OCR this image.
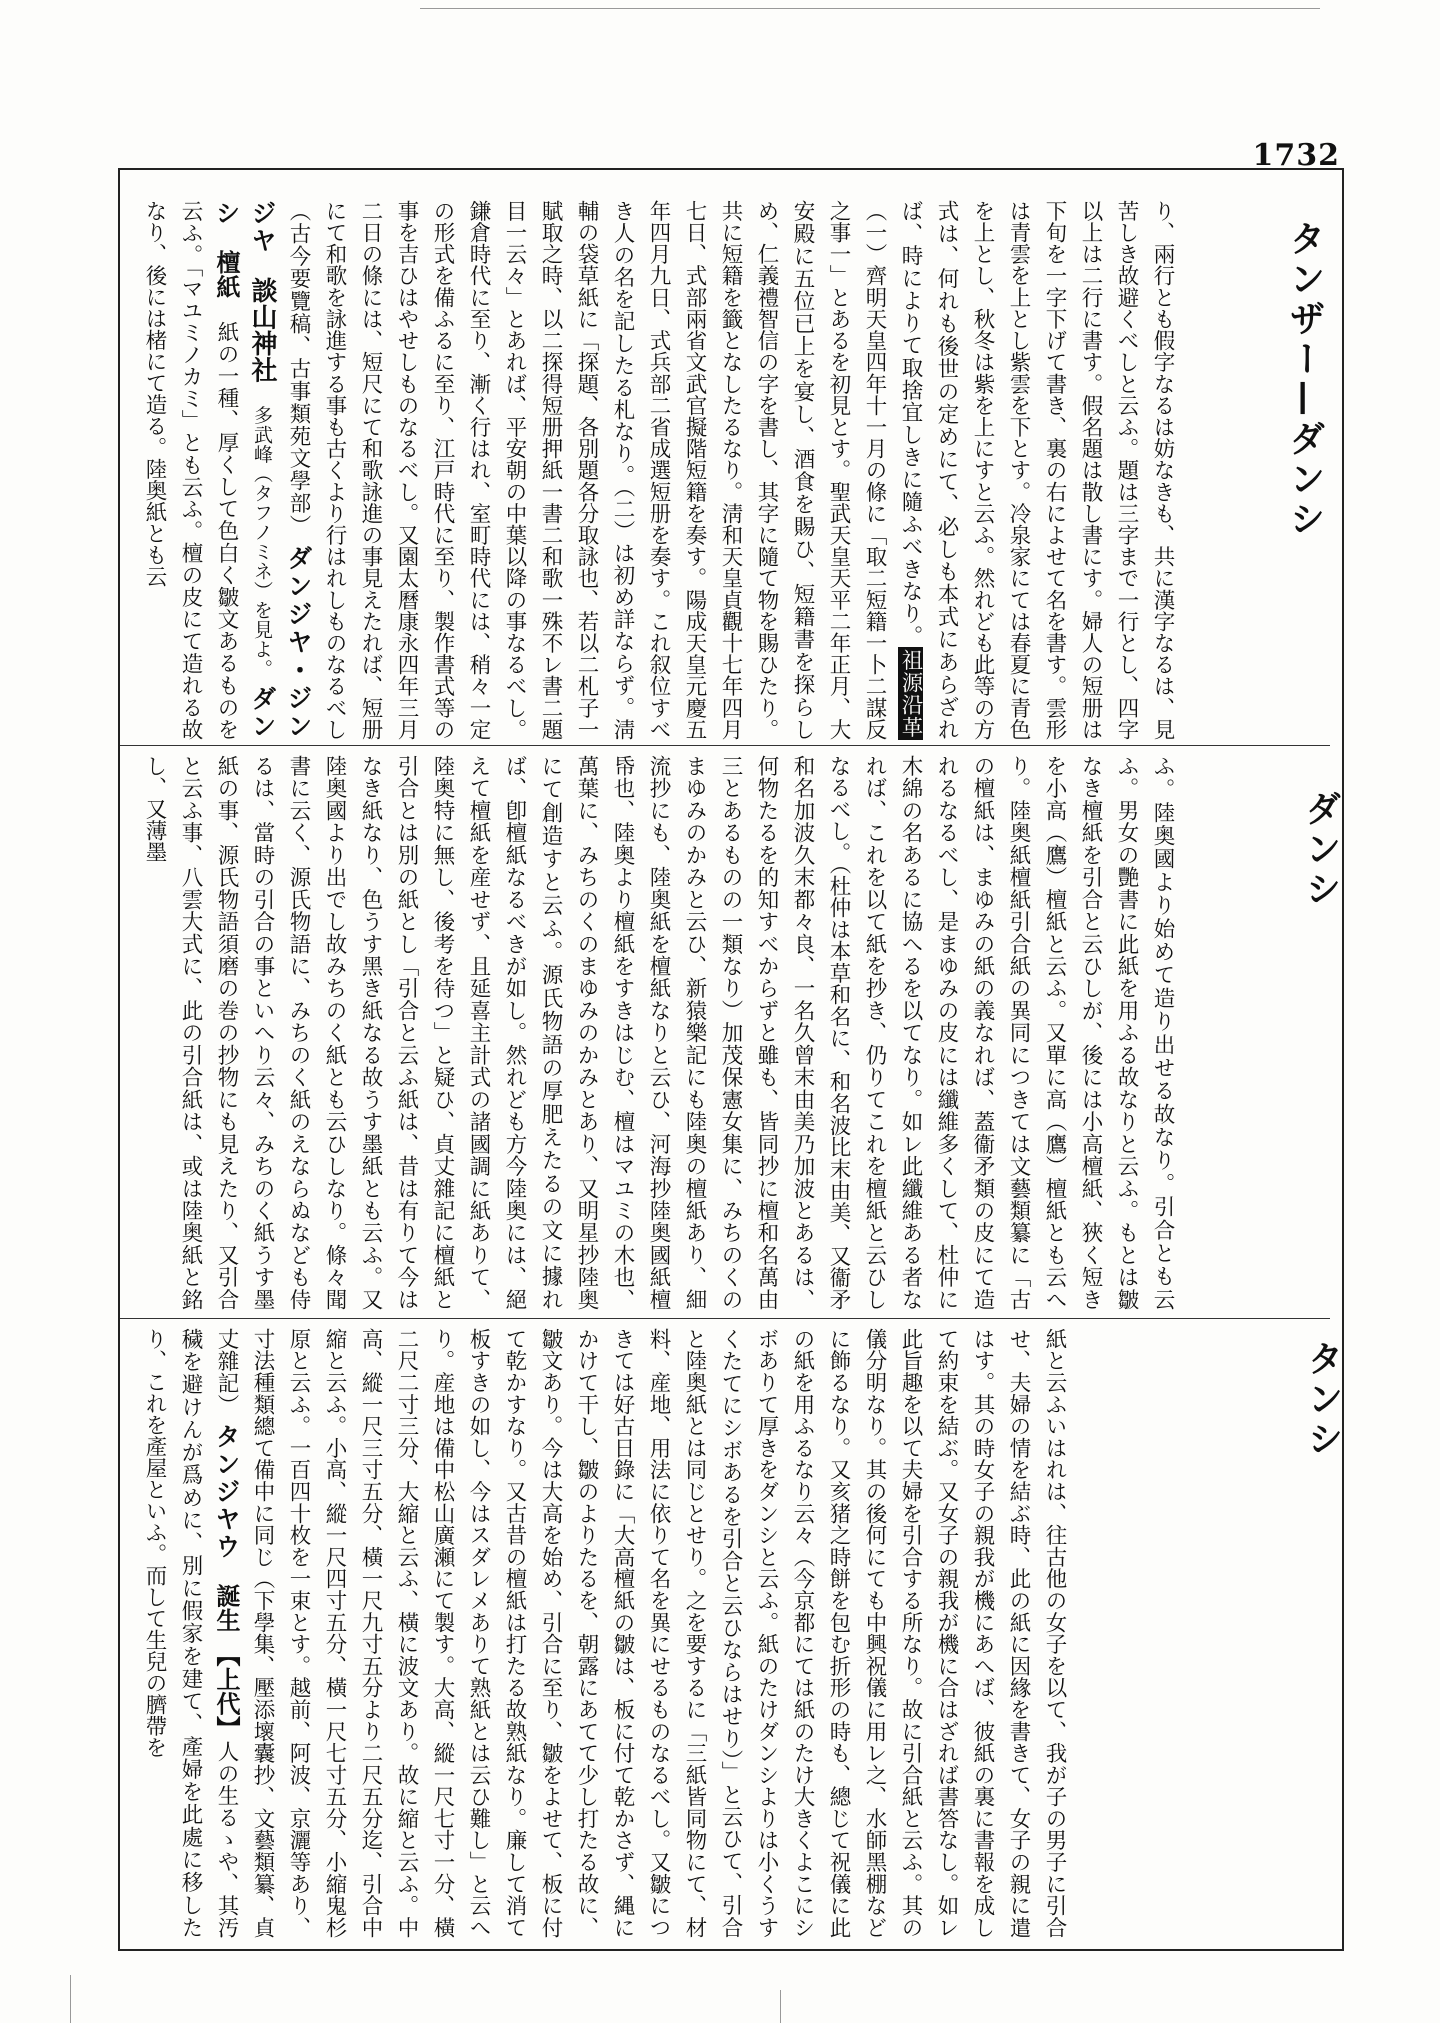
1732
タンザー—ダンシ
ダンシ
タンシ
り、兩行とも假字なるは妨なきも、共に漢字なるは、見苦しき故避くべしと云ふ。題は三字まで一行とし、四字以上は二行に書す。假名題は散し書にす。婦人の短册は下旬を一字下げて書き、裏の右によせて名を書す。雲形は青雲を上とし紫雲を下とす。冷泉家にては春夏に青色を上とし、秋冬は紫を上にすと云ふ。然れども此等の方式は、何れも後世の定めにて、必しも本式にあらざれば、時によりて取捨宜しきに隨ふべきなり。祖源沿革（一）齊明天皇四年十一月の條に「取二短籍一卜二謀反之事一」とあるを初見とす。聖武天皇天平二年正月、大安殿に五位已上を宴し、酒食を賜ひ、短籍書を探らしめ、仁義禮智信の字を書し、其字に隨て物を賜ひたり。共に短籍を籤となしたるなり。淸和天皇貞觀十七年四月七日、式部兩省文武官擬階短籍を奏す。陽成天皇元慶五年四月九日、式兵部二省成選短册を奏す。これ叙位すべき人の名を記したる札なり。（二）は初め詳ならず。淸輔の袋草紙に「探題、各別題各分取詠也、若以二札子一賦取之時、以二探得短册押紙一書二和歌一殊不レ書二題目一云々」とあれば、平安朝の中葉以降の事なるべし。鎌倉時代に至り、漸く行はれ、室町時代には、稍々一定の形式を備ふるに至り、江戸時代に至り、製作書式等の事を吉ひはやせしものなるべし。又園太曆康永四年三月二日の條には、短尺にて和歌詠進の事見えたれば、短册にて和歌を詠進する事も古くより行はれしものなるべし（古今要覽稿、古事類苑文學部） ダンジヤ・ジンジヤ　談山神社　多武峰（タフノミネ）を見よ。 ダンシ　檀紙　紙の一種、厚くして色白く皺文あるものを云ふ。「マユミノカミ」とも云ふ。檀の皮にて造れる故なり、後には楮にて造る。陸奥紙とも云
ふ。陸奥國より始めて造り出せる故なり。引合とも云ふ。男女の艷書に此紙を用ふる故なりと云ふ。もとは皺なき檀紙を引合と云ひしが、後には小高檀紙、狹く短きを小高（鷹）檀紙と云ふ。又單に高（鷹）檀紙とも云へり。陸奥紙檀紙引合紙の異同につきては文藝類纂に「古の檀紙は、まゆみの紙の義なれば、蓋衞矛類の皮にて造れるなるべし、是まゆみの皮には纖維多くして、杜仲に木綿の名あるに協へるを以てなり。如レ此纖維ある者なれば、これを以て紙を抄き、仍りてこれを檀紙と云ひしなるべし。（杜仲は本草和名に、和名波比末由美、又衞矛和名加波久末都々良、一名久曾末由美乃加波とあるは、何物たるを的知すべからずと雖も、皆同抄に檀和名萬由三とあるものの一類なり）加茂保憲女集に、みちのくのまゆみのかみと云ひ、新猿樂記にも陸奥の檀紙あり、細流抄にも、陸奥紙を檀紙なりと云ひ、河海抄陸奥國紙檀帋也、陸奥より檀紙をすきはじむ、檀はマユミの木也、萬葉に、みちのくのまゆみのかみとあり、又明星抄陸奥にて創造すと云ふ。源氏物語の厚肥えたるの文に據れば、卽檀紙なるべきが如し。然れども方今陸奥には、絕えて檀紙を産せず、且延喜主計式の諸國調に紙ありて、陸奥特に無し、後考を待つ」と疑ひ、貞丈雜記に檀紙と引合とは別の紙とし「引合と云ふ紙は、昔は有りて今はなき紙なり、色うす黑き紙なる故うす墨紙とも云ふ。又陸奥國より出でし故みちのく紙とも云ひしなり。條々聞書に云く、源氏物語に、みちのく紙のえならぬなども侍るは、當時の引合の事といへり云々、みちのく紙うす墨紙の事、源氏物語須磨の巻の抄物にも見えたり、又引合と云ふ事、八雲大式に、此の引合紙は、或は陸奥紙と銘し、又薄墨
紙と云ふいはれは、往古他の女子を以て、我が子の男子に引合せ、夫婦の情を結ぶ時、此の紙に因緣を書きて、女子の親に遣はす。其の時女子の親我が機にあへば、彼紙の裏に書報を成して約束を結ぶ。又女子の親我が機に合はざれば書答なし。如レ此旨趣を以て夫婦を引合する所なり。故に引合紙と云ふ。其の儀分明なり。其の後何にても中興祝儀に用レ之、水師黑棚などに飾るなり。又亥猪之時餅を包む折形の時も、總じて祝儀に此の紙を用ふるなり云々（今京都にては紙のたけ大きくよこにシボありて厚きをダンシと云ふ。紙のたけダンシよりは小くうすくたてにシボあるを引合と云ひならはせり）」と云ひて、引合と陸奥紙とは同じとせり。之を要するに「三紙皆同物にて、材料、産地、用法に依りて名を異にせるものなるべし。又皺につきては好古日錄に「大高檀紙の皺は、板に付て乾かさず、縄にかけて干し、皺のよりたるを、朝露にあてて少し打たる故に、皺文あり。今は大高を始め、引合に至り、皺をよせて、板に付て乾かすなり。又古昔の檀紙は打たる故熟紙なり。廉して消て板すきの如し、今はスダレメありて熟紙とは云ひ難し」と云へり。産地は備中松山廣瀬にて製す。大高、縱一尺七寸一分、橫二尺二寸三分、大縮と云ふ、橫に波文あり。故に縮と云ふ。中高、縱一尺三寸五分、橫一尺九寸五分より二尺五分迄、引合中縮と云ふ。小高、縱一尺四寸五分、橫一尺七寸五分、小縮鬼杉原と云ふ。一百四十枚を一束とす。越前、阿波、京灑等あり、寸法種類總て備中に同じ（下學集、壓添壞囊抄、文藝類纂、貞丈雜記） タンジヤウ　誕生　【上代】人の生るゝや、其汚穢を避けんが爲めに、別に假家を建て、產婦を此處に移したり、これを產屋といふ。而して生兒の臍帶を
